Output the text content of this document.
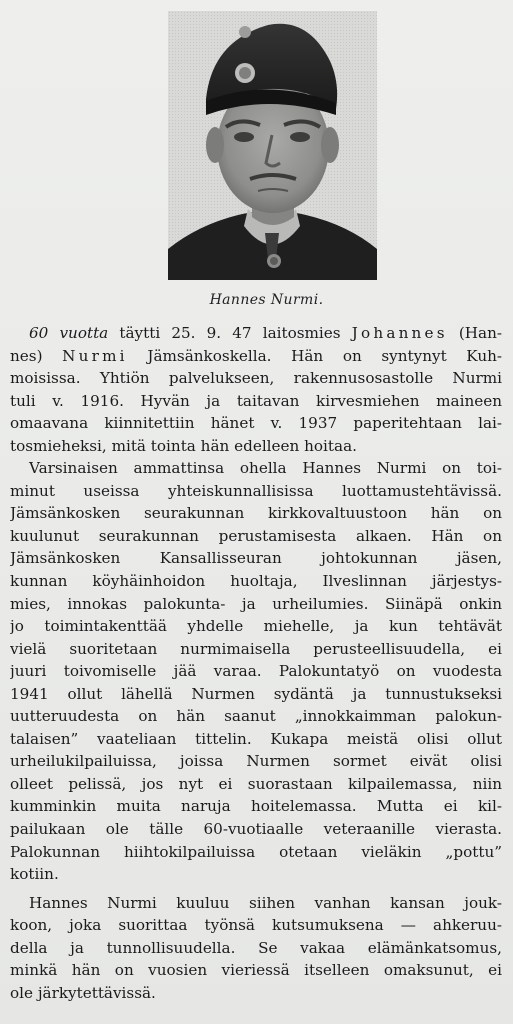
Hannes Nurmi.
60 vuotta täytti 25. 9. 47 laitosmies Johannes (Han-
nes) Nurmi Jämsänkoskella. Hän on syntynyt Kuh-
moisissa. Yhtiön palvelukseen, rakennusosastolle Nurmi
tuli v. 1916. Hyvän ja taitavan kirvesmiehen maineen
omaavana kiinnitettiin hänet v. 1937 paperitehtaan lai-
tosmieheksi, mitä tointa hän edelleen hoitaa.
Varsinaisen ammattinsa ohella Hannes Nurmi on toi-
minut useissa yhteiskunnallisissa luottamustehtävissä.
Jämsänkosken seurakunnan kirkkovaltuustoon hän on
kuulunut seurakunnan perustamisesta alkaen. Hän on
Jämsänkosken Kansallisseuran johtokunnan jäsen,
kunnan köyhäinhoidon huoltaja, Ilveslinnan järjestys-
mies, innokas palokunta- ja urheilumies. Siinäpä onkin
jo toimintakenttää yhdelle miehelle, ja kun tehtävät
vielä suoritetaan nurmimaisella perusteellisuudella, ei
juuri toivomiselle jää varaa. Palokuntatyö on vuodesta
1941 ollut lähellä Nurmen sydäntä ja tunnustukseksi
uutteruudesta on hän saanut „innokkaimman palokun-
talaisen” vaateliaan tittelin. Kukapa meistä olisi ollut
urheilukilpailuissa, joissa Nurmen sormet eivät olisi
olleet pelissä, jos nyt ei suorastaan kilpailemassa, niin
kumminkin muita naruja hoitelemassa. Mutta ei kil-
pailukaan ole tälle 60-vuotiaalle veteraanille vierasta.
Palokunnan hiihtokilpailuissa otetaan vieläkin „pottu”
kotiin.
Hannes Nurmi kuuluu siihen vanhan kansan jouk-
koon, joka suorittaa työnsä kutsumuksena — ahkeruu-
della ja tunnollisuudella. Se vakaa elämänkatsomus,
minkä hän on vuosien vieriessä itselleen omaksunut, ei
ole järkytettävissä.
